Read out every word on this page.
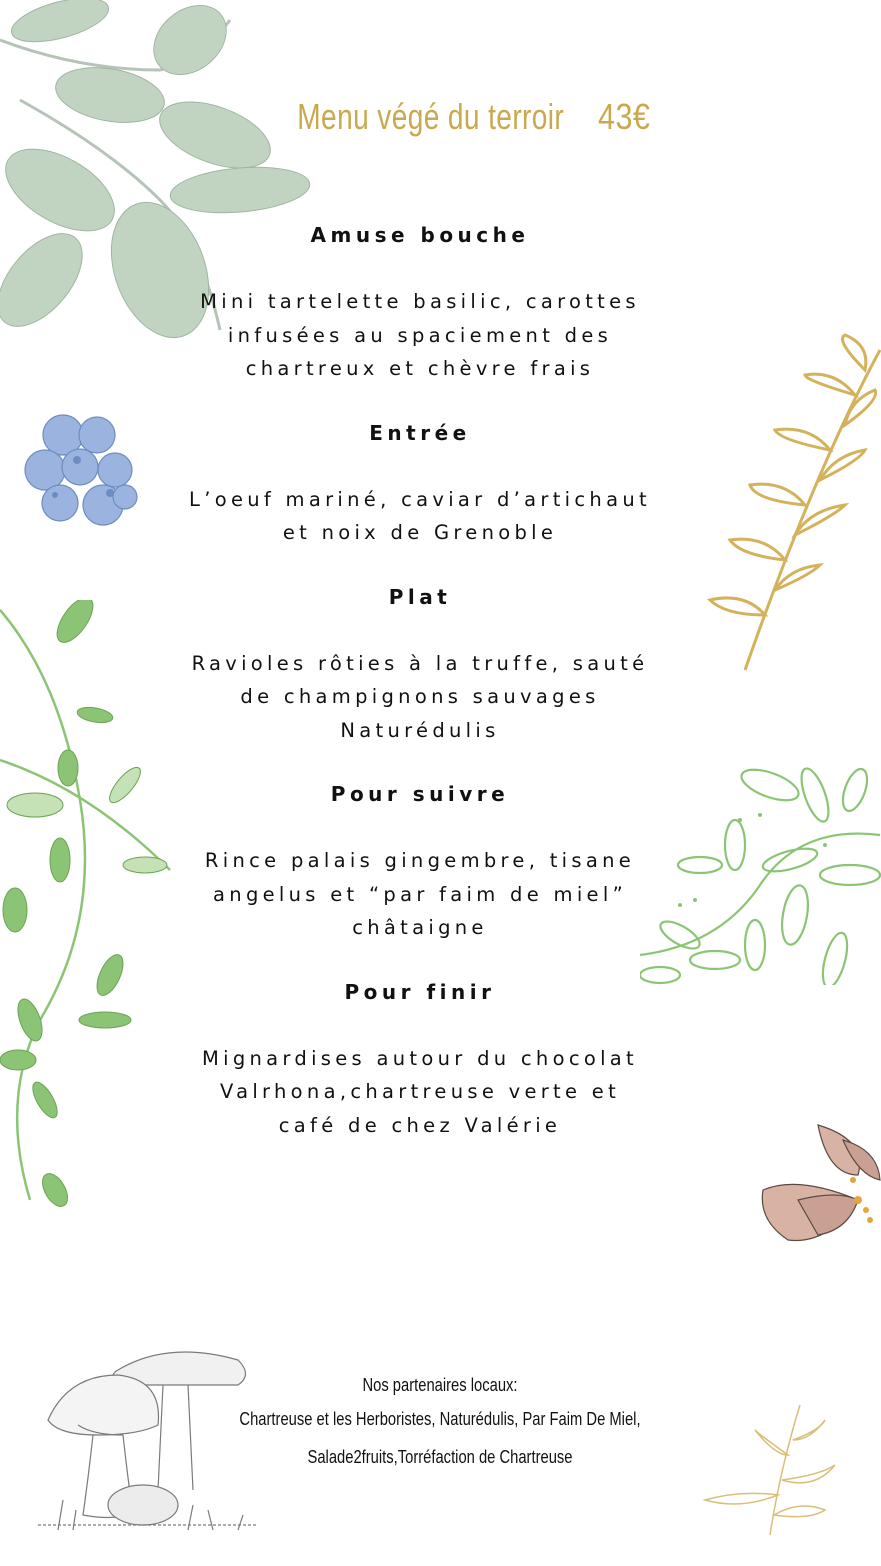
Menu végé du terroir 43€
Amuse bouche
Mini tartelette basilic, carottes
infusées au spaciement des
chartreux et chèvre frais
Entrée
L’oeuf mariné, caviar d’artichaut
et noix de Grenoble
Plat
Ravioles rôties à la truffe, sauté
de champignons sauvages
Naturédulis
Pour suivre
Rince palais gingembre, tisane
angelus et “par faim de miel”
châtaigne
Pour finir
Mignardises autour du chocolat
Valrhona,chartreuse verte et
café de chez Valérie
Nos partenaires locaux:
Chartreuse et les Herboristes, Naturédulis, Par Faim De Miel,
Salade2fruits,Torréfaction de Chartreuse
